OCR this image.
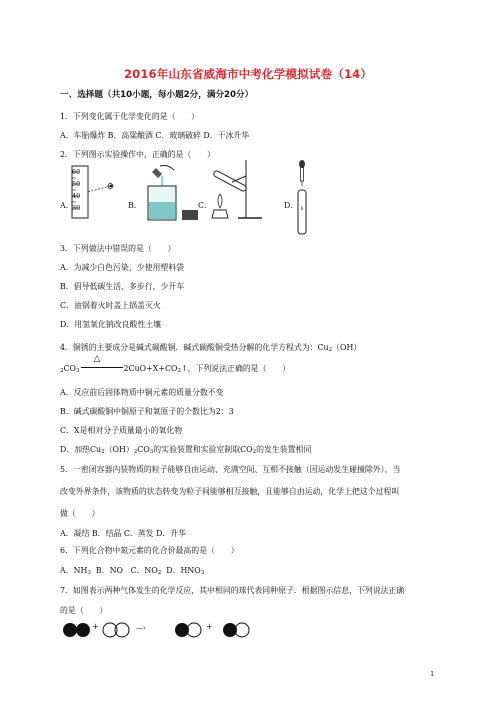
2016年山东省威海市中考化学模拟试卷（14）
一、选择题（共10小题，每小题2分，满分20分）
1．下列变化属于化学变化的是（　　）
A．车胎爆炸 B．高粱酿酒 C．玻璃破碎 D．干冰升华
2．下列图示实验操作中，正确的是（　　）
A．
60
50
40
30	B．	C．	D． 6
3．下列做法中错误的是（　　）
A．为减少白色污染，少使用塑料袋
B．倡导低碳生活，多步行，少开车
C．油锅着火时盖上锅盖灭火
D．用氢氧化钠改良酸性土壤
4．铜锈的主要成分是碱式碳酸铜．碱式碳酸铜受热分解的化学方程式为：$Cu_2(OH)$
$_2CO_3$
△
$2CuO+X+CO_2↑$，下列说法正确的是（　　）
A．反应前后固体物质中铜元素的质量分数不变
B．碱式碳酸铜中铜原子和氧原子的个数比为2：3
C．X是相对分子质量最小的氧化物
D．加热$Cu_2(OH)_2CO_3$的实验装置和实验室制取$CO_2$的发生装置相同
5．一密闭容器内装物质的粒子能够自由运动、充满空间、互相不接触（因运动发生碰撞除外），当
改变外界条件，该物质的状态转变为粒子间能够相互接触，且能够自由运动，化学上把这个过程叫
做（　　）
A．凝结 B．结晶 C．蒸发 D．升华
6．下列化合物中氮元素的化合价最高的是（　　）
A．$NH_3$  B．NO   C．$NO_2$  D．$HNO_3$
7．如图表示两种气体发生的化学反应，其中相同的球代表同种原子．根据图示信息，下列说法正确
的是（　　）
+	—›	+
1
